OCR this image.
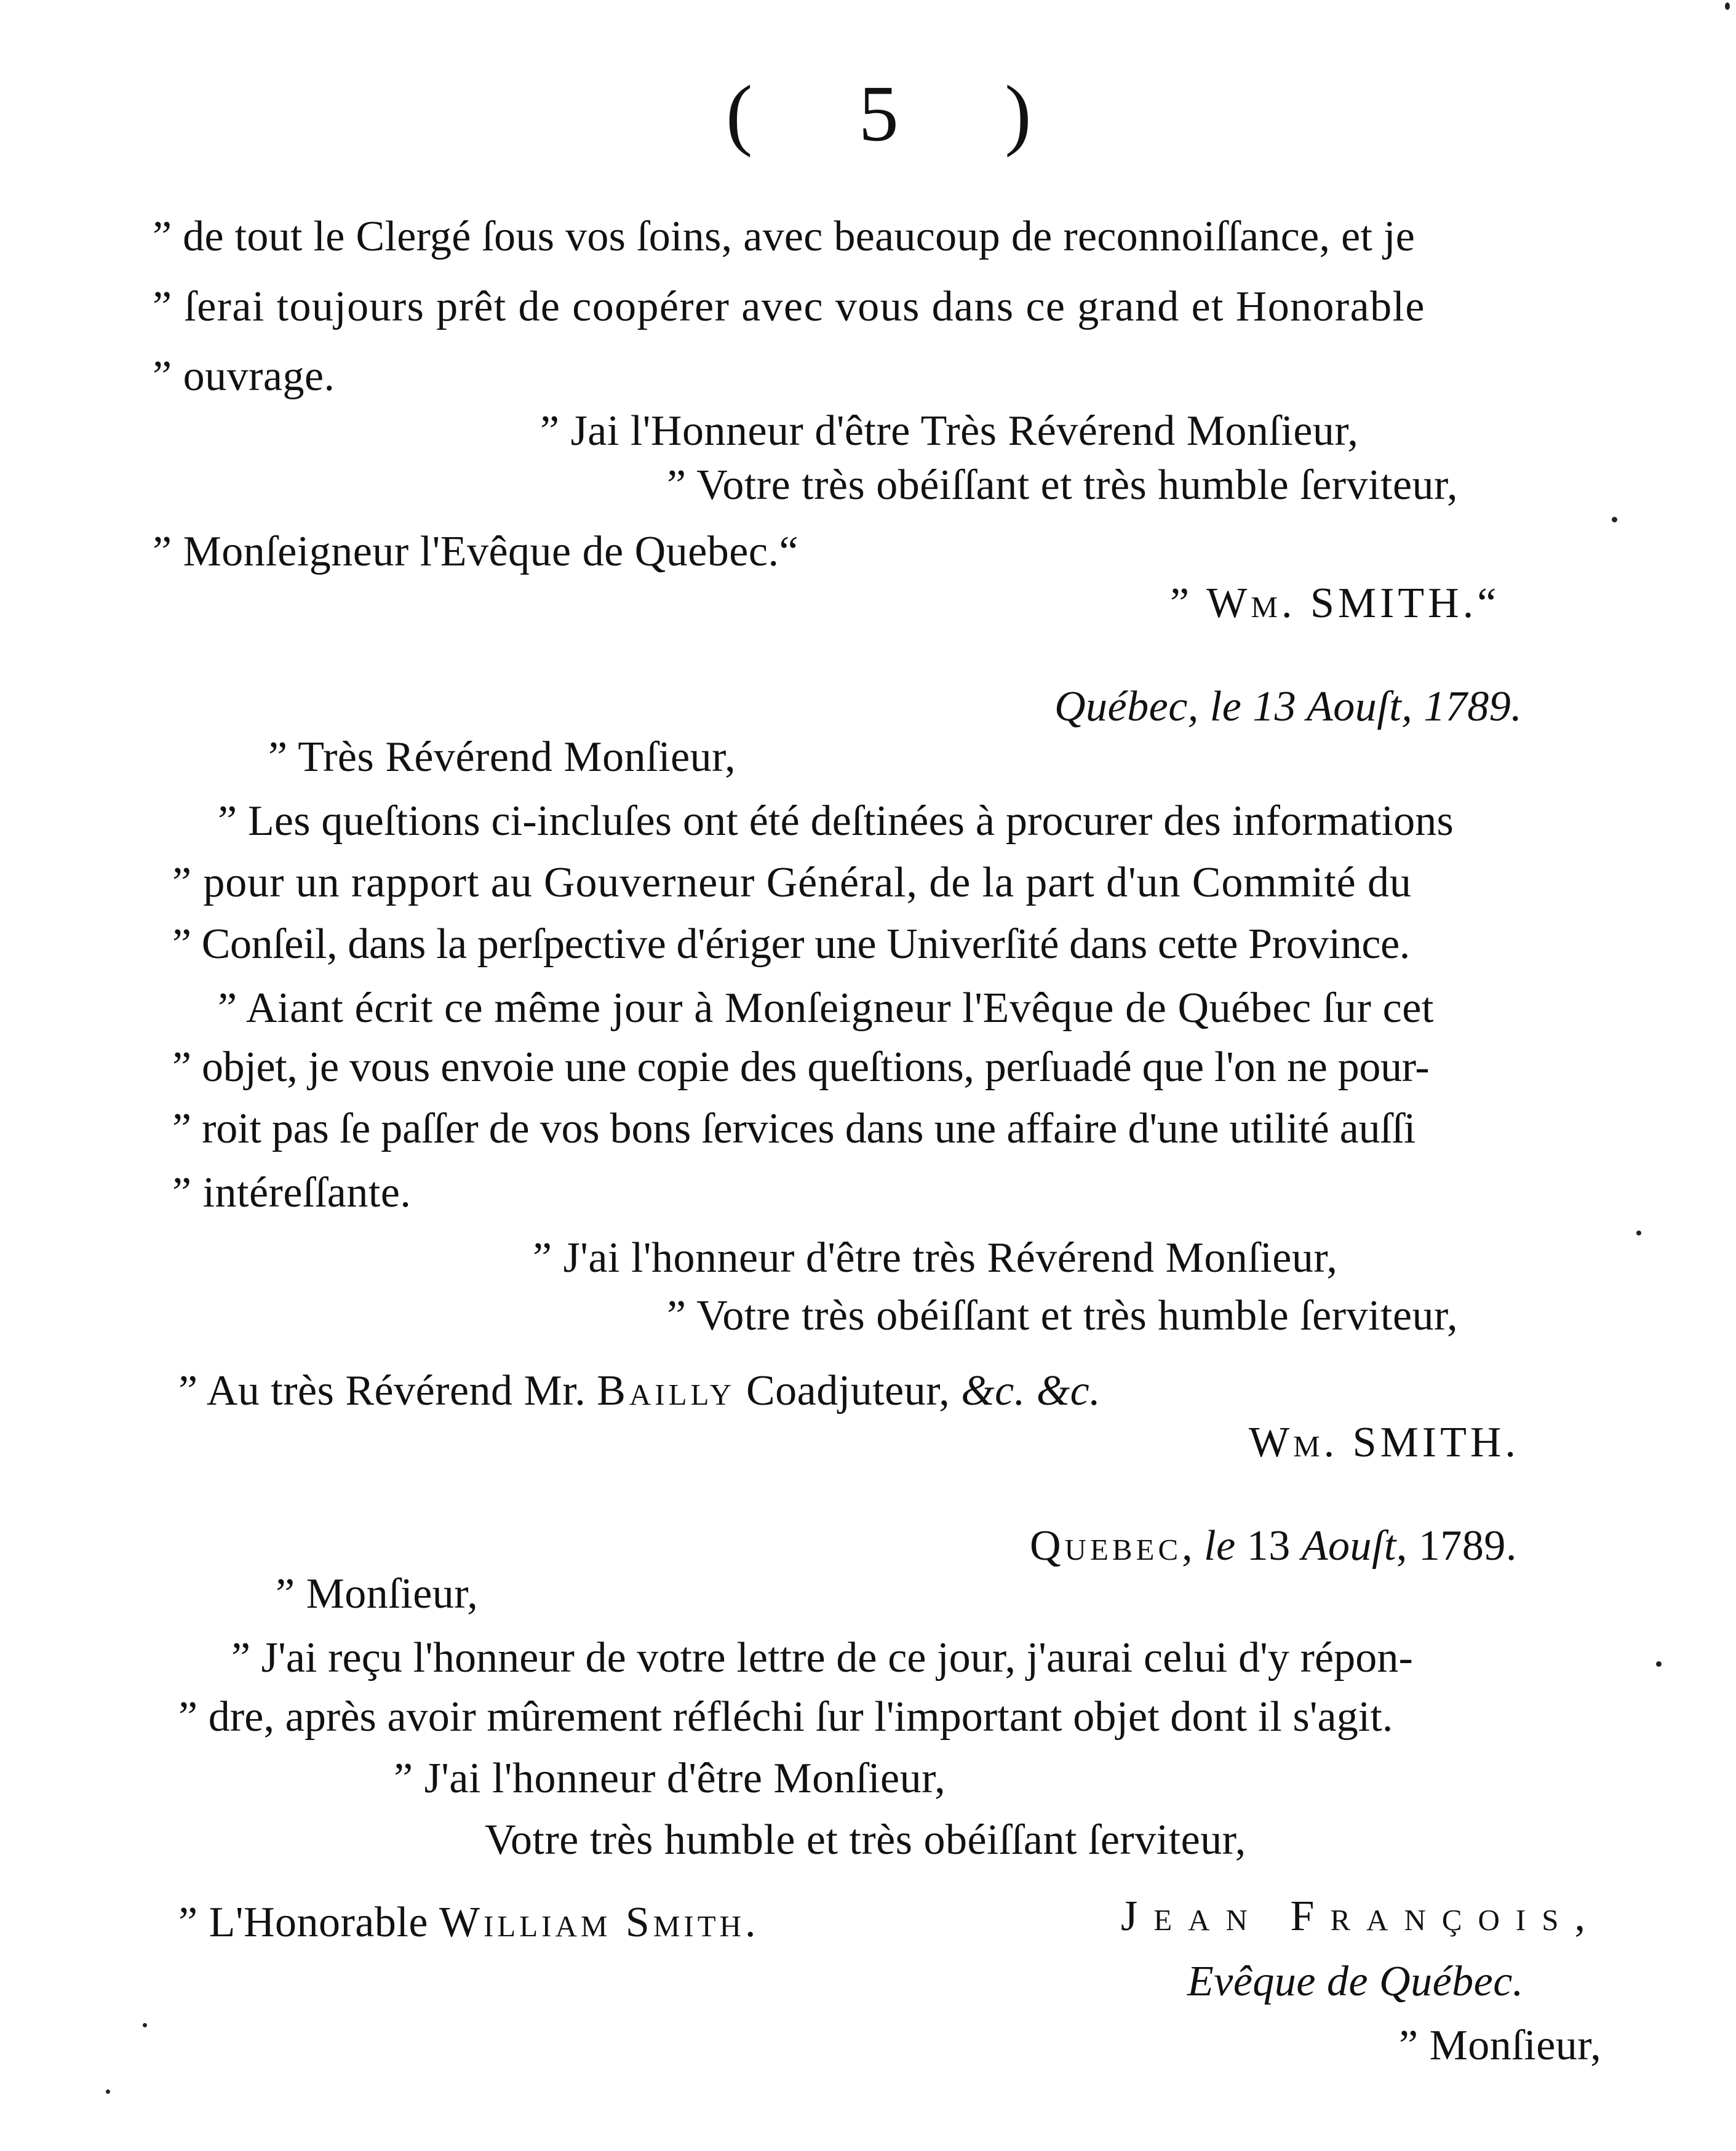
( 5 )
” de tout le Clergé ſous vos ſoins, avec beaucoup de reconnoiſſance, et je
” ſerai toujours prêt de coopérer avec vous dans ce grand et Honorable
” ouvrage.
” Jai l'Honneur d'être Très Révérend Monſieur,
” Votre très obéiſſant et très humble ſerviteur,
” Monſeigneur l'Evêque de Quebec.“
” Wm. SMITH.“
Québec, le 13 Aouſt, 1789.
” Très Révérend Monſieur,
” Les queſtions ci-incluſes ont été deſtinées à procurer des informations
” pour un rapport au Gouverneur Général, de la part d'un Commité du
” Conſeil, dans la perſpective d'ériger une Univerſité dans cette Province.
” Aiant écrit ce même jour à Monſeigneur l'Evêque de Québec ſur cet
” objet, je vous envoie une copie des queſtions, perſuadé que l'on ne pour-
” roit pas ſe paſſer de vos bons ſervices dans une affaire d'une utilité auſſi
” intéreſſante.
” J'ai l'honneur d'être très Révérend Monſieur,
” Votre très obéiſſant et très humble ſerviteur,
” Au très Révérend Mr. Bailly Coadjuteur, &c. &c.
Wm. SMITH.
Quebec, le 13 Aouſt, 1789.
” Monſieur,
” J'ai reçu l'honneur de votre lettre de ce jour, j'aurai celui d'y répon-
” dre, après avoir mûrement réfléchi ſur l'important objet dont il s'agit.
” J'ai l'honneur d'être Monſieur,
Votre très humble et très obéiſſant ſerviteur,
” L'Honorable William Smith.	Jean François,
Evêque de Québec.
” Monſieur,
